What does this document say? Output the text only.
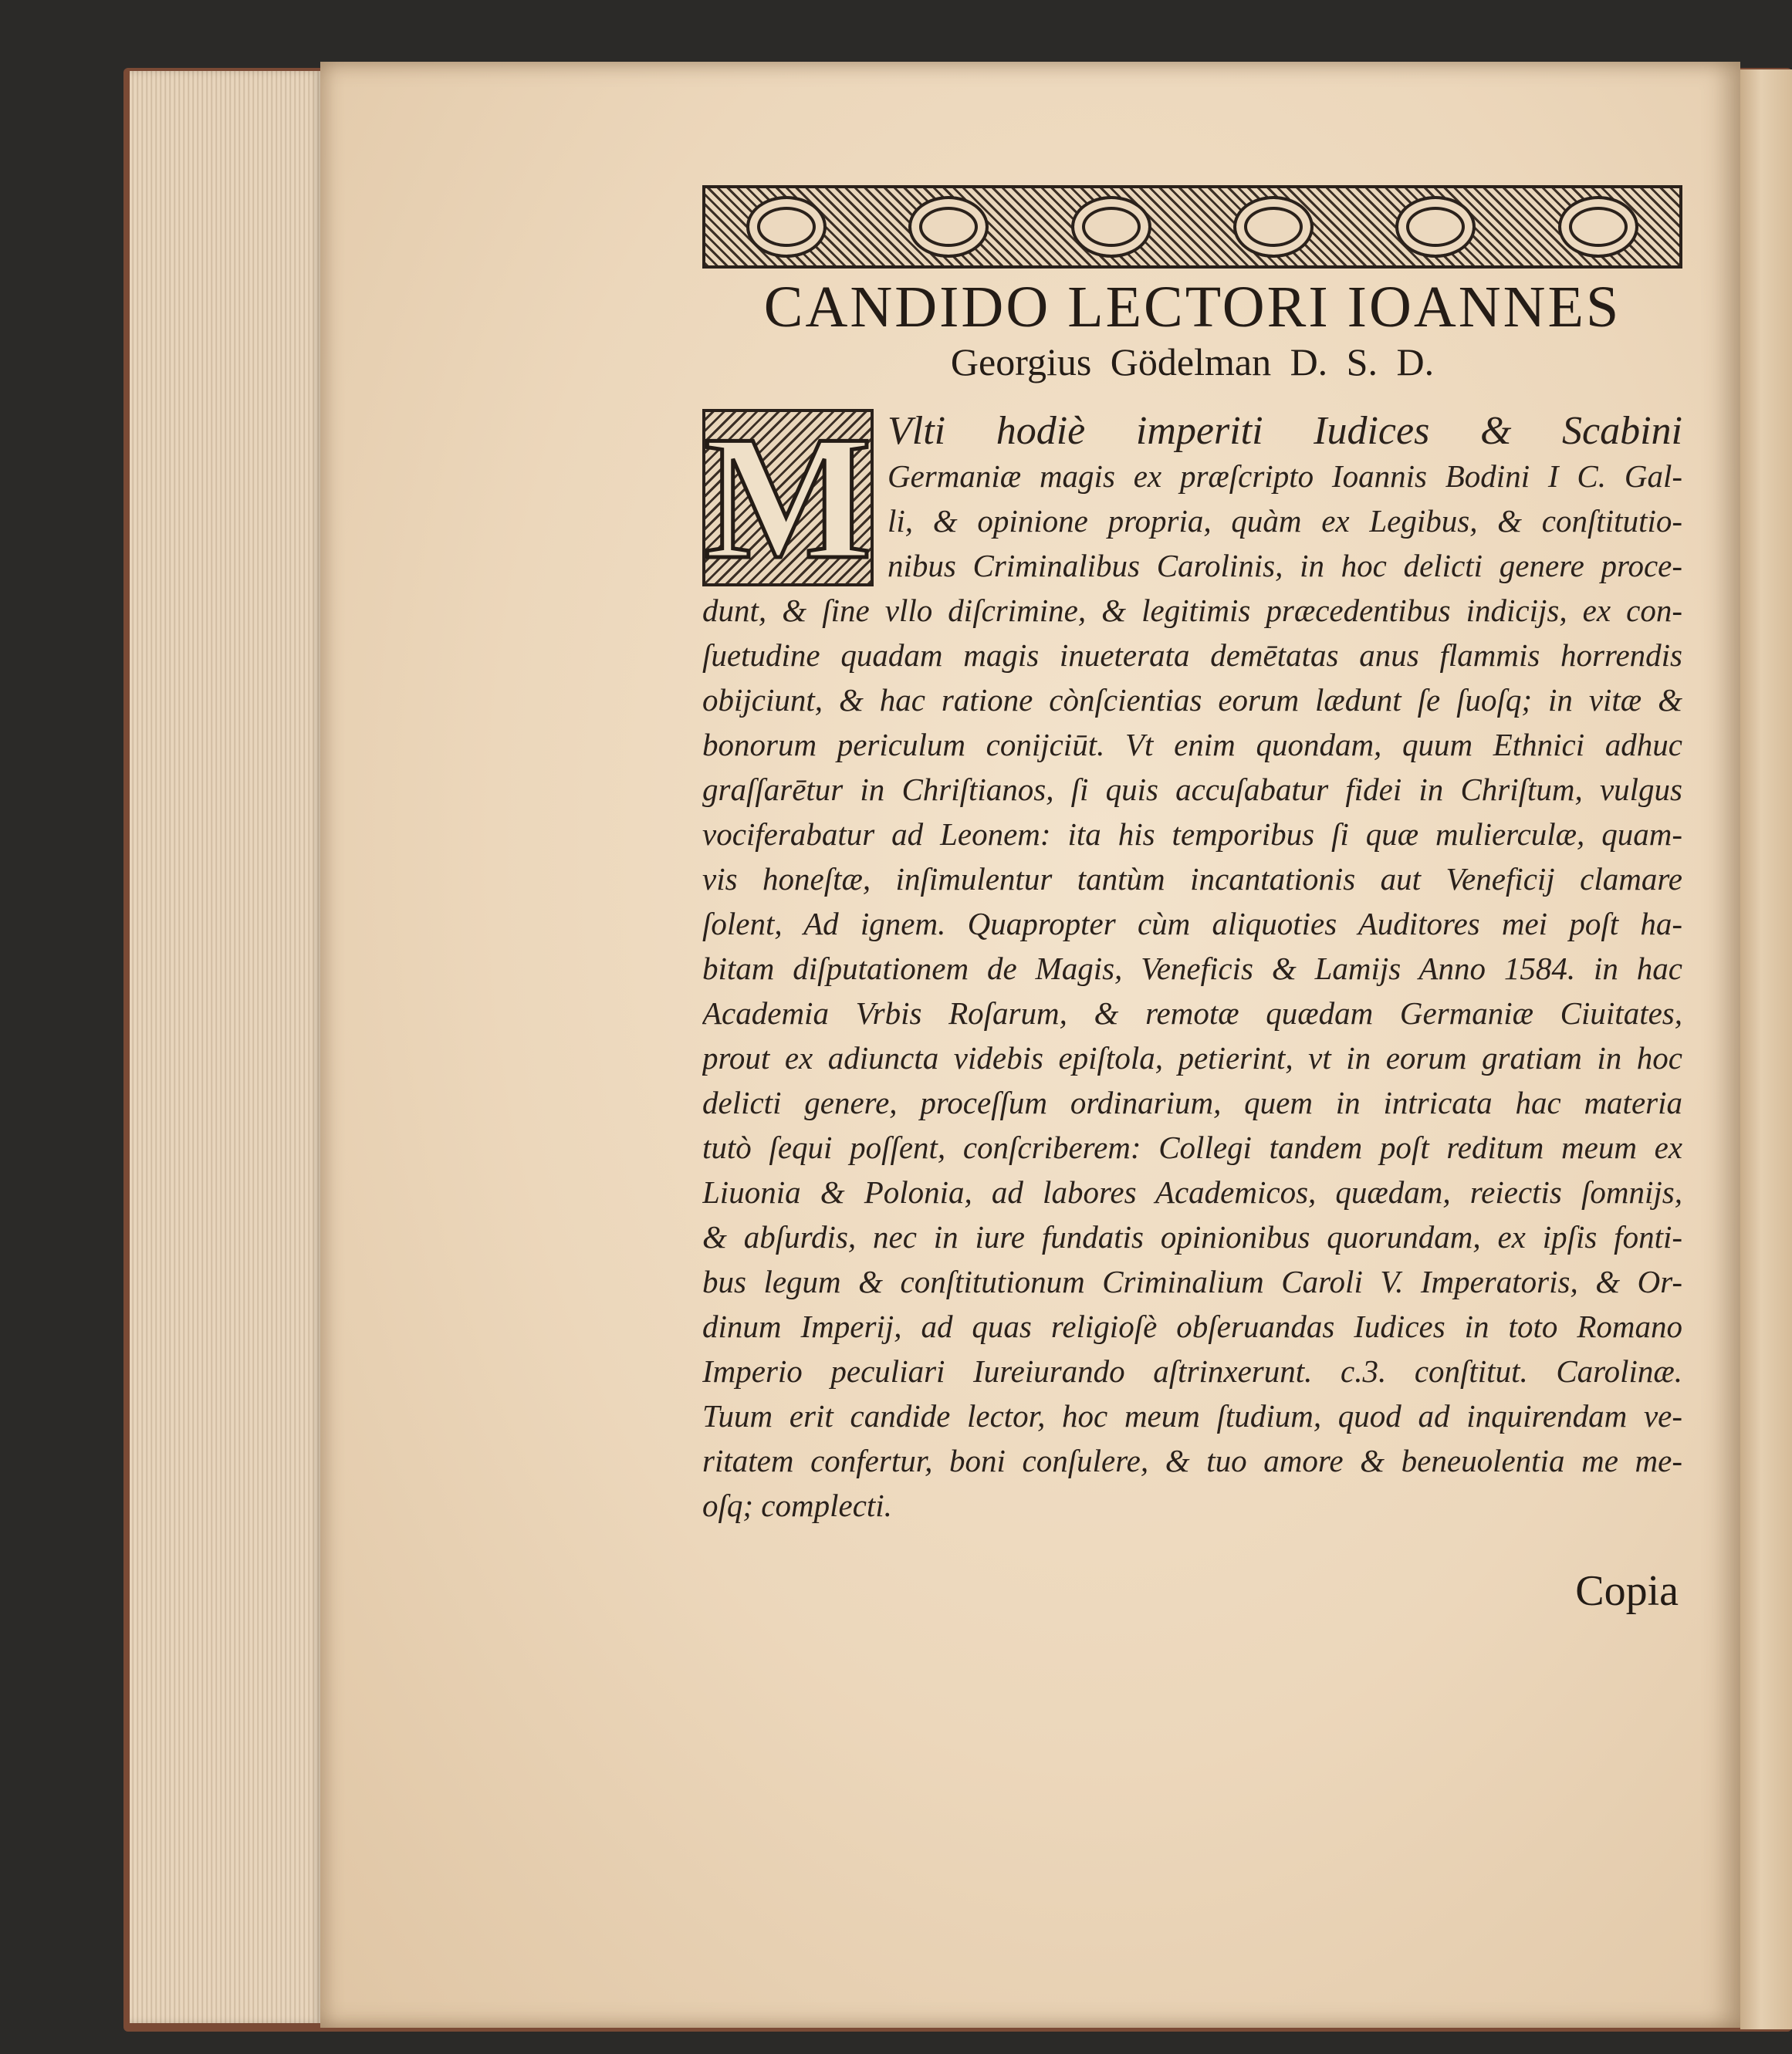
CANDIDO LECTORI IOANNES
Georgius Gödelman D. S. D.
Vlti hodiè imperiti Iudices & Scabini
Germaniæ magis ex præſcripto Ioannis Bodini I C. Gal-
li, & opinione propria, quàm ex Legibus, & conſtitutio-
nibus Criminalibus Carolinis, in hoc delicti genere proce-
dunt, & ſine vllo diſcrimine, & legitimis præcedentibus indicijs, ex con-
ſuetudine quadam magis inueterata demētatas anus flammis horrendis
obijciunt, & hac ratione cònſcientias eorum lædunt ſe ſuoſq; in vitæ &
bonorum periculum conijciūt. Vt enim quondam, quum Ethnici adhuc
graſſarētur in Chriſtianos, ſi quis accuſabatur fidei in Chriſtum, vulgus
vociferabatur ad Leonem: ita his temporibus ſi quæ mulierculæ, quam-
vis honeſtæ, inſimulentur tantùm incantationis aut Veneficij clamare
ſolent, Ad ignem. Quapropter cùm aliquoties Auditores mei poſt ha-
bitam diſputationem de Magis, Veneficis & Lamijs Anno 1584. in hac
Academia Vrbis Roſarum, & remotæ quædam Germaniæ Ciuitates,
prout ex adiuncta videbis epiſtola, petierint, vt in eorum gratiam in hoc
delicti genere, proceſſum ordinarium, quem in intricata hac materia
tutò ſequi poſſent, conſcriberem: Collegi tandem poſt reditum meum ex
Liuonia & Polonia, ad labores Academicos, quædam, reiectis ſomnijs,
& abſurdis, nec in iure fundatis opinionibus quorundam, ex ipſis fonti-
bus legum & conſtitutionum Criminalium Caroli V. Imperatoris, & Or-
dinum Imperij, ad quas religioſè obſeruandas Iudices in toto Romano
Imperio peculiari Iureiurando aſtrinxerunt. c.3. conſtitut. Carolinæ.
Tuum erit candide lector, hoc meum ſtudium, quod ad inquirendam ve-
ritatem confertur, boni conſulere, & tuo amore & beneuolentia me me-
oſq; complecti.
M
Copia
